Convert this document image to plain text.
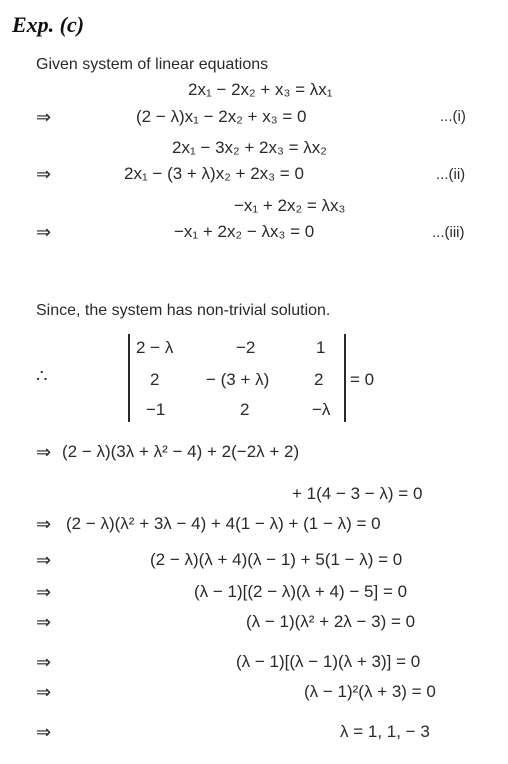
Exp. (c)
Given system of linear equations
2x₁ − 2x₂ + x₃ = λx₁
⇒	(2 − λ)x₁ − 2x₂ + x₃ = 0	...(i)
2x₁ − 3x₂ + 2x₃ = λx₂
⇒	2x₁ − (3 + λ)x₂ + 2x₃ = 0	...(ii)
−x₁ + 2x₂ = λx₃
⇒	−x₁ + 2x₂ − λx₃ = 0	...(iii)
Since, the system has non-trivial solution.
∴
2 − λ	−2	1
2	− (3 + λ)	2
−1	2	−λ
= 0
⇒ (2 − λ)(3λ + λ² − 4) + 2(−2λ + 2)
+ 1(4 − 3 − λ) = 0
⇒ (2 − λ)(λ² + 3λ − 4) + 4(1 − λ) + (1 − λ) = 0
⇒	(2 − λ)(λ + 4)(λ − 1) + 5(1 − λ) = 0
⇒	(λ − 1)[(2 − λ)(λ + 4) − 5] = 0
⇒	(λ − 1)(λ² + 2λ − 3) = 0
⇒	(λ − 1)[(λ − 1)(λ + 3)] = 0
⇒	(λ − 1)²(λ + 3) = 0
⇒	λ = 1, 1, − 3
